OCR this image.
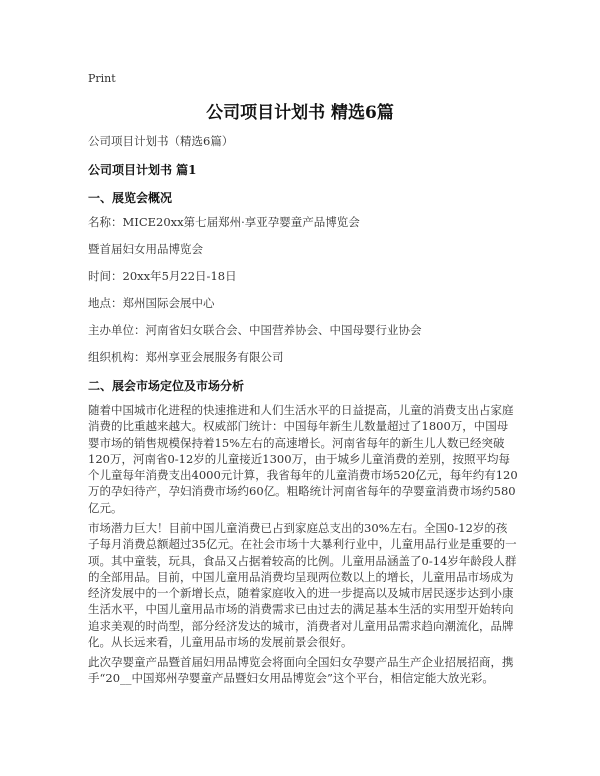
Print
公司项目计划书 精选6篇
公司项目计划书（精选6篇）
公司项目计划书 篇1
一、展览会概况
名称：MICE20xx第七届郑州·享亚孕婴童产品博览会
暨首届妇女用品博览会
时间：20xx年5月22日-18日
地点：郑州国际会展中心
主办单位：河南省妇女联合会、中国营养协会、中国母婴行业协会
组织机构：郑州享亚会展服务有限公司
二、展会市场定位及市场分析
随着中国城市化进程的快速推进和人们生活水平的日益提高，儿童的消费支出占家庭消费的比重越来越大。权威部门统计：中国每年新生儿数量超过了1800万，中国母婴市场的销售规模保持着15%左右的高速增长。河南省每年的新生儿人数已经突破120万，河南省0-12岁的儿童接近1300万，由于城乡儿童消费的差别，按照平均每个儿童每年消费支出4000元计算，我省每年的儿童消费市场520亿元，每年约有120万的孕妇待产，孕妇消费市场约60亿。粗略统计河南省每年的孕婴童消费市场约580亿元。
市场潜力巨大！目前中国儿童消费已占到家庭总支出的30%左右。全国0-12岁的孩子每月消费总额超过35亿元。在社会市场十大暴利行业中，儿童用品行业是重要的一项。其中童装，玩具，食品又占据着较高的比例。儿童用品涵盖了0-14岁年龄段人群的全部用品。目前，中国儿童用品消费均呈现两位数以上的增长，儿童用品市场成为经济发展中的一个新增长点，随着家庭收入的进一步提高以及城市居民逐步达到小康生活水平，中国儿童用品市场的消费需求已由过去的满足基本生活的实用型开始转向追求美观的时尚型，部分经济发达的城市，消费者对儿童用品需求趋向潮流化，品牌化。从长远来看，儿童用品市场的发展前景会很好。
此次孕婴童产品暨首届妇用品博览会将面向全国妇女孕婴产品生产企业招展招商，携手“20__中国郑州孕婴童产品暨妇女用品博览会”这个平台，相信定能大放光彩。
